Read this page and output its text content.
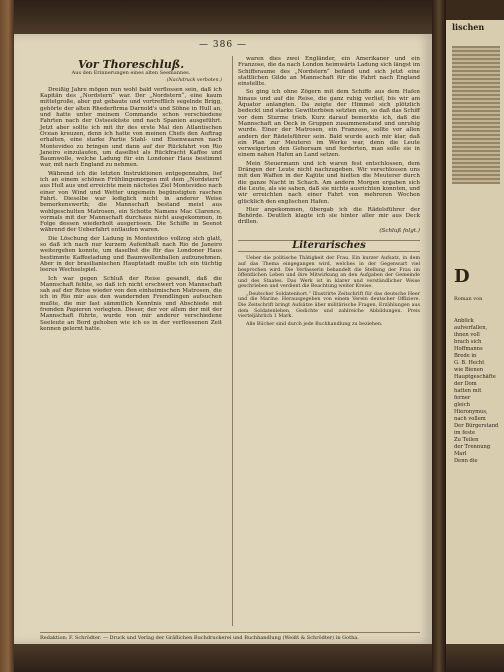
— 386 —
Vor Thoreschluß.
Aus den Erinnerungen eines alten Seemannes.
(Nachdruck verboten.)

Dreißig Jahre mögen nun wohl bald verflossen sein, daß ich Kapitän des „Nordstern“ war. Der „Nordstern“, eine kaum mittelgroße, aber gut gebaute und vortrefflich segelnde Brigg, gehörte der alten Rhederfirma Darnold's und Söhne in Hull an, und hatte unter meinem Commando schon verschiedene Fahrten nach der Ostseeküste und nach Spanien ausgeführt. Jetzt aber sollte ich mit ihr des erste Mal den Atlantischen Ocean kreuzen, denn ich hatte von meinen Chefs den Auftrag erhalten, eine starke Partie Stahl- und Eisenwaaren nach Montevideo zu bringen und dann auf der Rückfahrt von Rio Janeiro einzulaufen, um daselbst als Rückfracht Kaffee und Baumwolle, welche Ladung für ein Londoner Haus bestimmt war, mit nach England zu nehmen.

Während ich die letzten Instruktionen entgegennahm, lief ich an einem schönen Frühlingsmorgen mit dem „Nordstern“ aus Hull aus und erreichte mein nächstes Ziel Montevideo nach einer von Wind und Wetter ungemein begünstigten raschen Fahrt. Dieselbe war lediglich nicht in anderer Weise bemerkenswerth; die Mannschaft bestand meist aus wohlgeschulten Matrosen, ein Schotte Namens Mac Clarence, vormals mit der Mannschaft durchaus nicht ausgekommen, in Folge dessen wiederholt ausgerissen. Die Schiffe in Seenot während der Ueberfahrt entlaufen waren.

Die Löschung der Ladung in Montevideo vollzog sich glatt, so daß ich nach nur kurzem Aufenthalt nach Rio de Janeiro weitergehen konnte, um daselbst die für das Londoner Haus bestimmte Kaffeeladung und Baumwollenballen aufzunehmen. Aber in der brasilianischen Hauptstadt mußte ich ein tüchtig leeres Wechselspiel.

Ich war gegen Schluß der Reise gesandt, daß die Mannschaft fehlte, so daß ich nicht erschwert von Mannschaft sah auf der Reise wieder von den einheimischen Matrosen, die ich in Rio mir aus den wandernden Fremdlingen aufsuchen mußte, die mir fast sämmtlich Kenntnis und Abschiede mit fremden Papieren vorlegten. Dieser, der vor allem der mit der Mannschaft führte, wurde von mir anderer verschiedene Seeleute an Bord gehoben wie ich es in der verflossenen Zeit kennen gelernt hatte.

waren dies zwei Engländer, ein Amerikaner und ein Franzose, die da nach London heimwärts Ladung sich längst im Schiffsraume des „Nordstern“ befand und sich jetzt eine stattlichen Gilde an Mannschaft für die Fahrt nach England einstellte.

So ging ich ohne Zögern mit dem Schiffe aus dem Hafen hinaus und auf die Reise, die ganz ruhig verlief, bis wir am Äquator anlangten. Da zeigte der Himmel sich plötzlich bedeckt und starke Gewitterböen setzten ein, so daß das Schiff vor dem Sturme trieb. Kurz darauf bemerkte ich, daß die Mannschaft an Deck in Gruppen zusammenstand und unruhig wurde. Einer der Matrosen, ein Franzose, sollte vor allen andern der Rädelsführer sein. Bald wurde auch mir klar, daß ein Plan zur Meuterei im Werke war, denn die Leute verweigerten den Gehorsam und forderten, man solle sie in einem nahen Hafen an Land setzen.

Mein Steuermann und ich waren fest entschlossen, dem Drängen der Leute nicht nachzugeben. Wir verschlossen uns mit den Waffen in der Kajüte und hielten die Meuterer durch die ganze Nacht in Schach. Am andern Morgen ergaben sich die Leute, als sie sahen, daß sie nichts ausrichten konnten, und wir erreichten nach einer Fahrt von mehreren Wochen glücklich den englischen Hafen.

Hier angekommen, übergab ich die Rädelsführer der Behörde. Deutlich klagte ich sie hinter aller mir aus Deck drillen.

(Schluß folgt.)
Literarisches

Ueber die politische Thätigkeit der Frau. Ein kurzer Aufsatz, in dem auf das Thema eingegangen wird, welches in der Gegenwart viel besprochen wird. Die Verfasserin behandelt die Stellung der Frau im öffentlichen Leben und ihre Mitwirkung an den Aufgaben der Gemeinde und des Staates. Das Werk ist in klarer und verständlicher Weise geschrieben und verdient die Beachtung weiter Kreise.

„Deutscher Soldatenhort.“ Illustrirte Zeitschrift für das deutsche Heer und die Marine. Herausgegeben von einem Verein deutscher Offiziere. Die Zeitschrift bringt Aufsätze über militärische Fragen, Erzählungen aus dem Soldatenleben, Gedichte und zahlreiche Abbildungen. Preis vierteljährlich 1 Mark.

Alle Bücher sind durch jede Buchhandlung zu beziehen.

Redaktion: F. Schrödter. — Druck und Verlag der Gräflichen Buchdruckerei und Buchhandlung (Weißt & Schrödter) in Gotha.
lischen
D
Roman von
Anblick
aufverfallen,
ihnen voll
brach sich
Hoffmanns
Brede in
G. B. Hecht
wie Bienen
Hauptgeschäfte
der Dom
hatten mit
ferner
gleich
Hieronymus,
nach vollem
Der Bürgerstand
im feste
Zu Teilen
der Trennung
Marl
Denn die
